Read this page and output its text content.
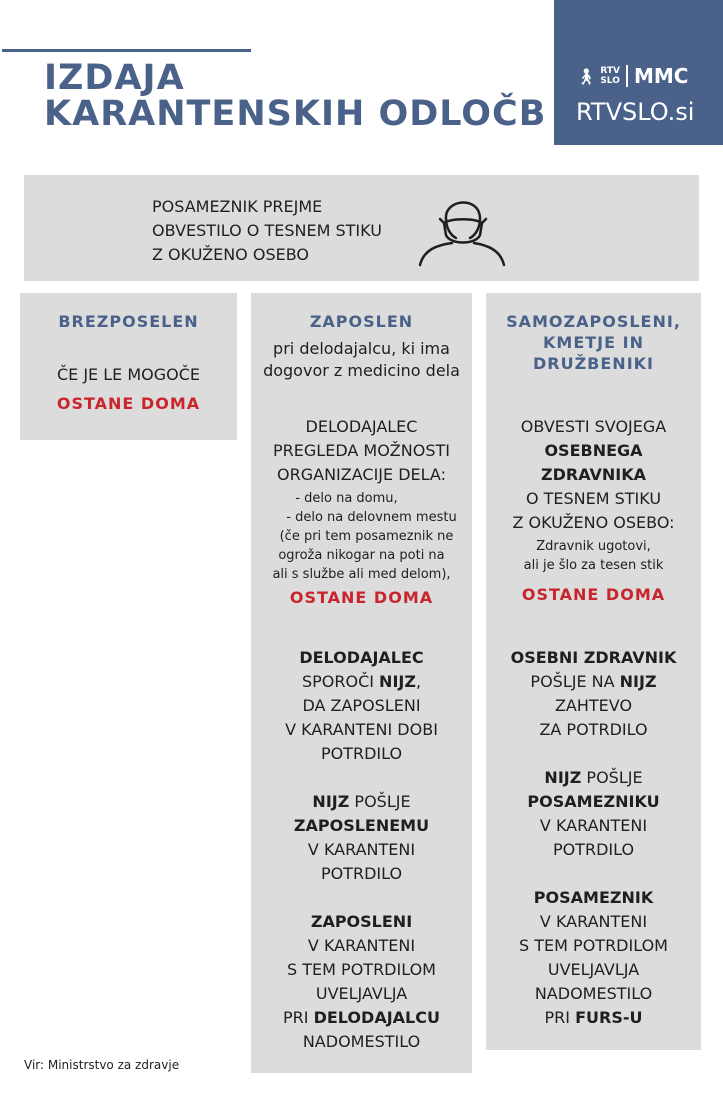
IZDAJA
KARANTENSKIH ODLOČB
🚶︎ RTV
SLO MMC
RTVSLO.si
POSAMEZNIK PREJME
OBVESTILO O TESNEM STIKU
Z OKUŽENO OSEBO
BREZPOSELEN
ČE JE LE MOGOČE
OSTANE DOMA
ZAPOSLEN
pri delodajalcu, ki ima
dogovor z medicino dela
DELODAJALEC
PREGLEDA MOŽNOSTI
ORGANIZACIJE DELA:
- delo na domu,
- delo na delovnem mestu
(če pri tem posameznik ne
ogroža nikogar na poti na
ali s službe ali med delom),
OSTANE DOMA
DELODAJALEC
SPOROČI NIJZ,
DA ZAPOSLENI
V KARANTENI DOBI
POTRDILO
NIJZ POŠLJE
ZAPOSLENEMU
V KARANTENI
POTRDILO
ZAPOSLENI
V KARANTENI
S TEM POTRDILOM
UVELJAVLJA
PRI DELODAJALCU
NADOMESTILO
SAMOZAPOSLENI,
KMETJE IN
DRUŽBENIKI
OBVESTI SVOJEGA
OSEBNEGA
ZDRAVNIKA
O TESNEM STIKU
Z OKUŽENO OSEBO:
Zdravnik ugotovi,
ali je šlo za tesen stik
OSTANE DOMA
OSEBNI ZDRAVNIK
POŠLJE NA NIJZ
ZAHTEVO
ZA POTRDILO
NIJZ POŠLJE
POSAMEZNIKU
V KARANTENI
POTRDILO
POSAMEZNIK
V KARANTENI
S TEM POTRDILOM
UVELJAVLJA
NADOMESTILO
PRI FURS-U
Vir: Ministrstvo za zdravje
